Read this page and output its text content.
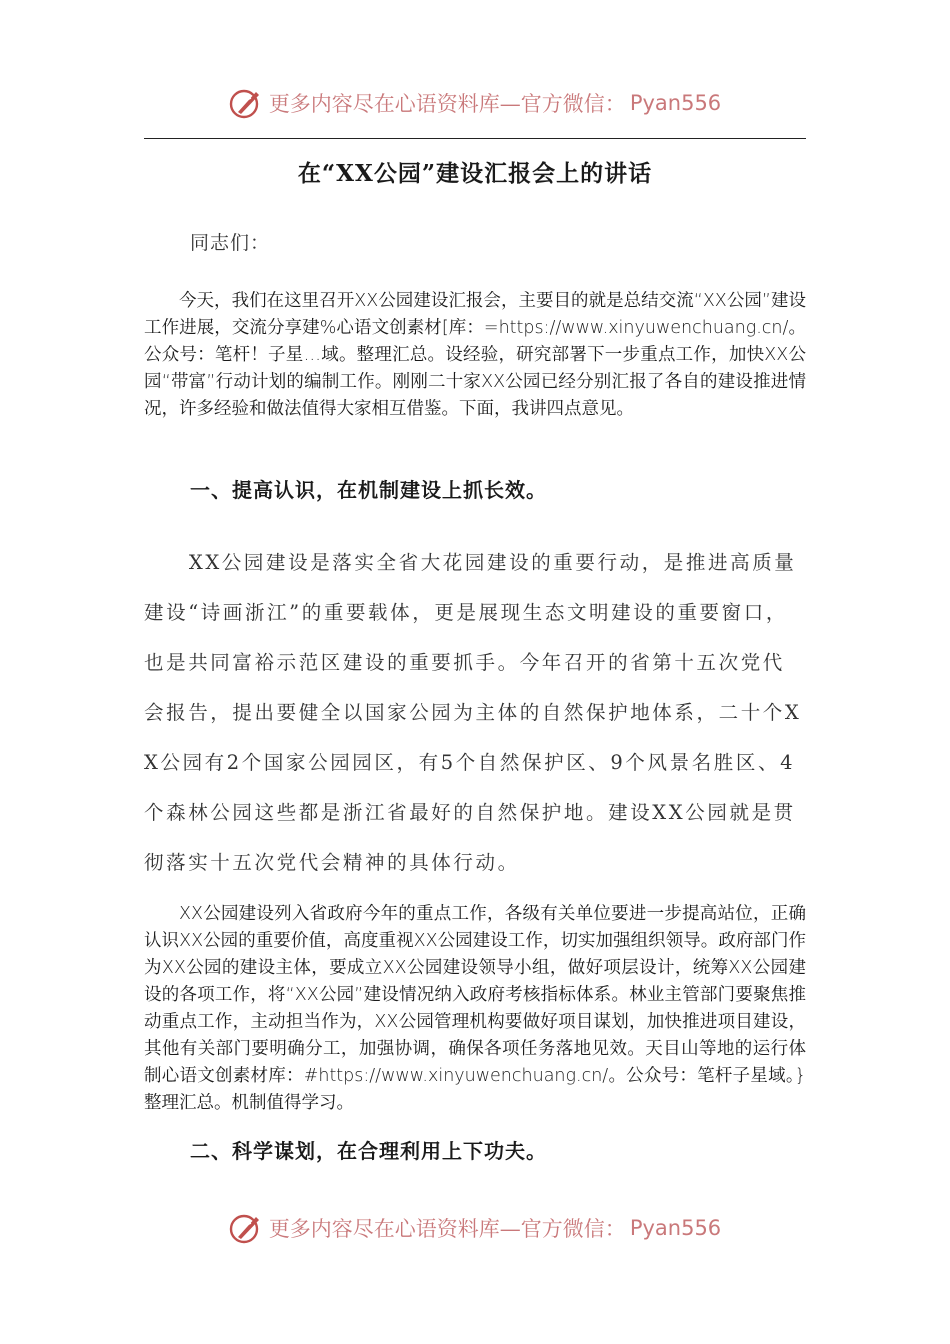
更多内容尽在心语资料库—官方微信： Pyan556
在“XX公园”建设汇报会上的讲话
同志们：

今天，我们在这里召开XX公园建设汇报会，主要目的就是总结交流“XX公园”建设工作进展，交流分享建%心语文创素材[库：=https://www.xinyuwenchuang.cn/。公众号：笔杆！子星…域。整理汇总。设经验，研究部署下一步重点工作，加快XX公园“带富”行动计划的编制工作。刚刚二十家XX公园已经分别汇报了各自的建设推进情况，许多经验和做法值得大家相互借鉴。下面，我讲四点意见。

一、提高认识，在机制建设上抓长效。

XX公园建设是落实全省大花园建设的重要行动，是推进高质量建设“诗画浙江”的重要载体，更是展现生态文明建设的重要窗口，也是共同富裕示范区建设的重要抓手。今年召开的省第十五次党代会报告，提出要健全以国家公园为主体的自然保护地体系，二十个XX公园有2个国家公园园区，有5个自然保护区、9个风景名胜区、4个森林公园这些都是浙江省最好的自然保护地。建设XX公园就是贯彻落实十五次党代会精神的具体行动。

XX公园建设列入省政府今年的重点工作，各级有关单位要进一步提高站位，正确认识XX公园的重要价值，高度重视XX公园建设工作，切实加强组织领导。政府部门作为XX公园的建设主体，要成立XX公园建设领导小组，做好项层设计，统筹XX公园建设的各项工作，将“XX公园”建设情况纳入政府考核指标体系。林业主管部门要聚焦推动重点工作，主动担当作为，XX公园管理机构要做好项目谋划，加快推进项目建设，其他有关部门要明确分工，加强协调，确保各项任务落地见效。天目山等地的运行体制心语文创素材库：#https://www.xinyuwenchuang.cn/。公众号：笔杆子星域。}整理汇总。机制值得学习。

二、科学谋划，在合理利用上下功夫。
更多内容尽在心语资料库—官方微信： Pyan556
